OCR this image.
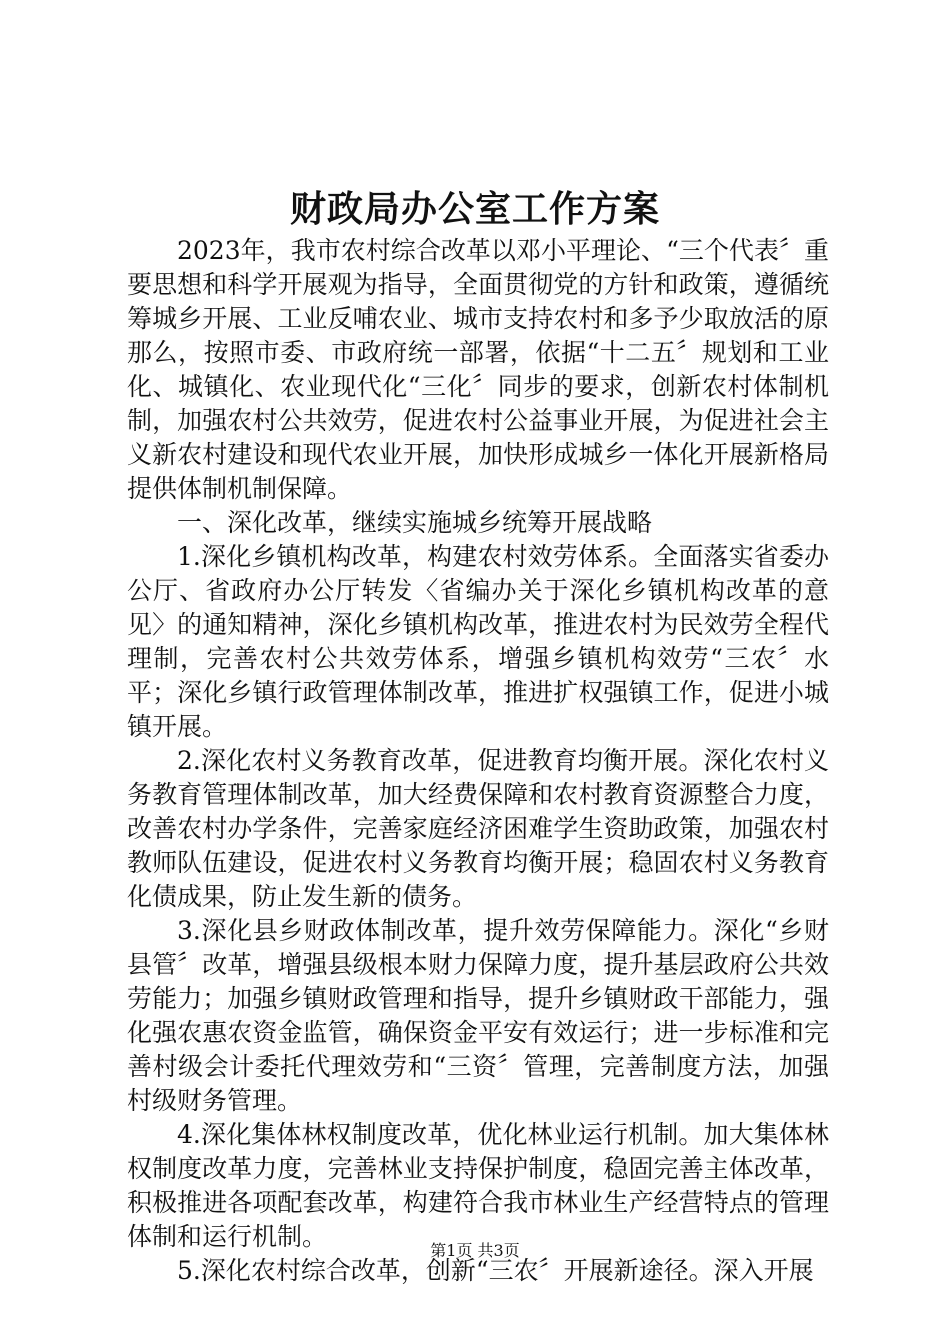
财政局办公室工作方案

2023年，我市农村综合改革以邓小平理论、“三个代表〞重要思想和科学开展观为指导，全面贯彻党的方针和政策，遵循统筹城乡开展、工业反哺农业、城市支持农村和多予少取放活的原那么，按照市委、市政府统一部署，依据“十二五〞规划和工业化、城镇化、农业现代化“三化〞同步的要求，创新农村体制机制，加强农村公共效劳，促进农村公益事业开展，为促进社会主义新农村建设和现代农业开展，加快形成城乡一体化开展新格局提供体制机制保障。

一、深化改革，继续实施城乡统筹开展战略

1.深化乡镇机构改革，构建农村效劳体系。全面落实省委办公厅、省政府办公厅转发〈省编办关于深化乡镇机构改革的意见〉的通知精神，深化乡镇机构改革，推进农村为民效劳全程代理制，完善农村公共效劳体系，增强乡镇机构效劳“三农〞水平；深化乡镇行政管理体制改革，推进扩权强镇工作，促进小城镇开展。

2.深化农村义务教育改革，促进教育均衡开展。深化农村义务教育管理体制改革，加大经费保障和农村教育资源整合力度，改善农村办学条件，完善家庭经济困难学生资助政策，加强农村教师队伍建设，促进农村义务教育均衡开展；稳固农村义务教育化债成果，防止发生新的债务。

3.深化县乡财政体制改革，提升效劳保障能力。深化“乡财县管〞改革，增强县级根本财力保障力度，提升基层政府公共效劳能力；加强乡镇财政管理和指导，提升乡镇财政干部能力，强化强农惠农资金监管，确保资金平安有效运行；进一步标准和完善村级会计委托代理效劳和“三资〞管理，完善制度方法，加强村级财务管理。

4.深化集体林权制度改革，优化林业运行机制。加大集体林权制度改革力度，完善林业支持保护制度，稳固完善主体改革，积极推进各项配套改革，构建符合我市林业生产经营特点的管理体制和运行机制。

5.深化农村综合改革，创新“三农〞开展新途径。深入开展

第1页 共3页
